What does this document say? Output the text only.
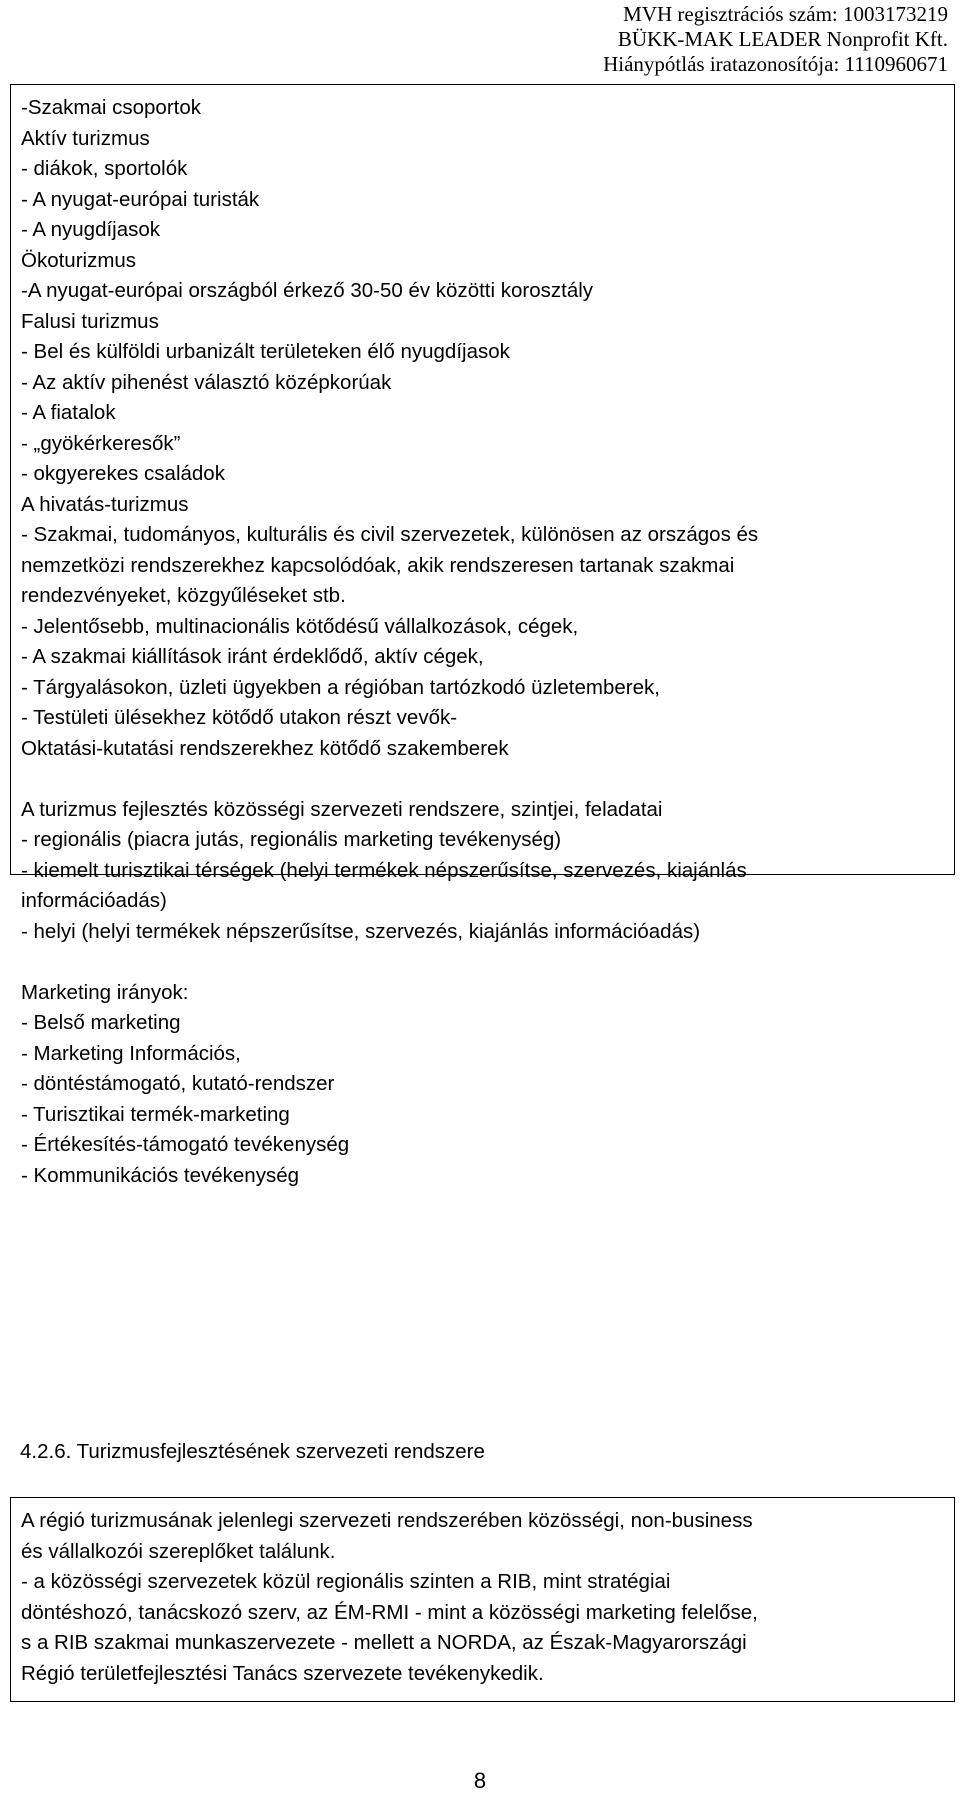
MVH regisztrációs szám: 1003173219
BÜKK-MAK LEADER Nonprofit Kft.
Hiánypótlás iratazonosítója: 1110960671
-Szakmai csoportok
Aktív turizmus
- diákok, sportolók
- A nyugat-európai turisták
- A nyugdíjasok
Ökoturizmus
-A nyugat-európai országból érkező 30-50 év közötti korosztály
Falusi turizmus
- Bel és külföldi urbanizált területeken élő nyugdíjasok
- Az aktív pihenést választó középkorúak
- A fiatalok
- „gyökérkeresők”
- okgyerekes családok
A hivatás-turizmus
- Szakmai, tudományos, kulturális és civil szervezetek, különösen az országos és
nemzetközi rendszerekhez kapcsolódóak, akik rendszeresen tartanak szakmai
rendezvényeket, közgyűléseket stb.
- Jelentősebb, multinacionális kötődésű vállalkozások, cégek,
- A szakmai kiállítások iránt érdeklődő, aktív cégek,
- Tárgyalásokon, üzleti ügyekben a régióban tartózkodó üzletemberek,
- Testületi ülésekhez kötődő utakon részt vevők-
Oktatási-kutatási rendszerekhez kötődő szakemberek
A turizmus fejlesztés közösségi szervezeti rendszere, szintjei, feladatai
- regionális (piacra jutás, regionális marketing tevékenység)
- kiemelt turisztikai térségek (helyi termékek népszerűsítse, szervezés, kiajánlás
információadás)
- helyi (helyi termékek népszerűsítse, szervezés, kiajánlás információadás)
Marketing irányok:
- Belső marketing
- Marketing Információs,
- döntéstámogató, kutató-rendszer
- Turisztikai termék-marketing
- Értékesítés-támogató tevékenység
- Kommunikációs tevékenység
4.2.6. Turizmusfejlesztésének szervezeti rendszere
A régió turizmusának jelenlegi szervezeti rendszerében közösségi, non-business
és vállalkozói szereplőket találunk.
- a közösségi szervezetek közül regionális szinten a RIB, mint stratégiai
döntéshozó, tanácskozó szerv, az ÉM-RMI - mint a közösségi marketing felelőse,
s a RIB szakmai munkaszervezete - mellett a NORDA, az Észak-Magyarországi
Régió területfejlesztési Tanács szervezete tevékenykedik.
8
